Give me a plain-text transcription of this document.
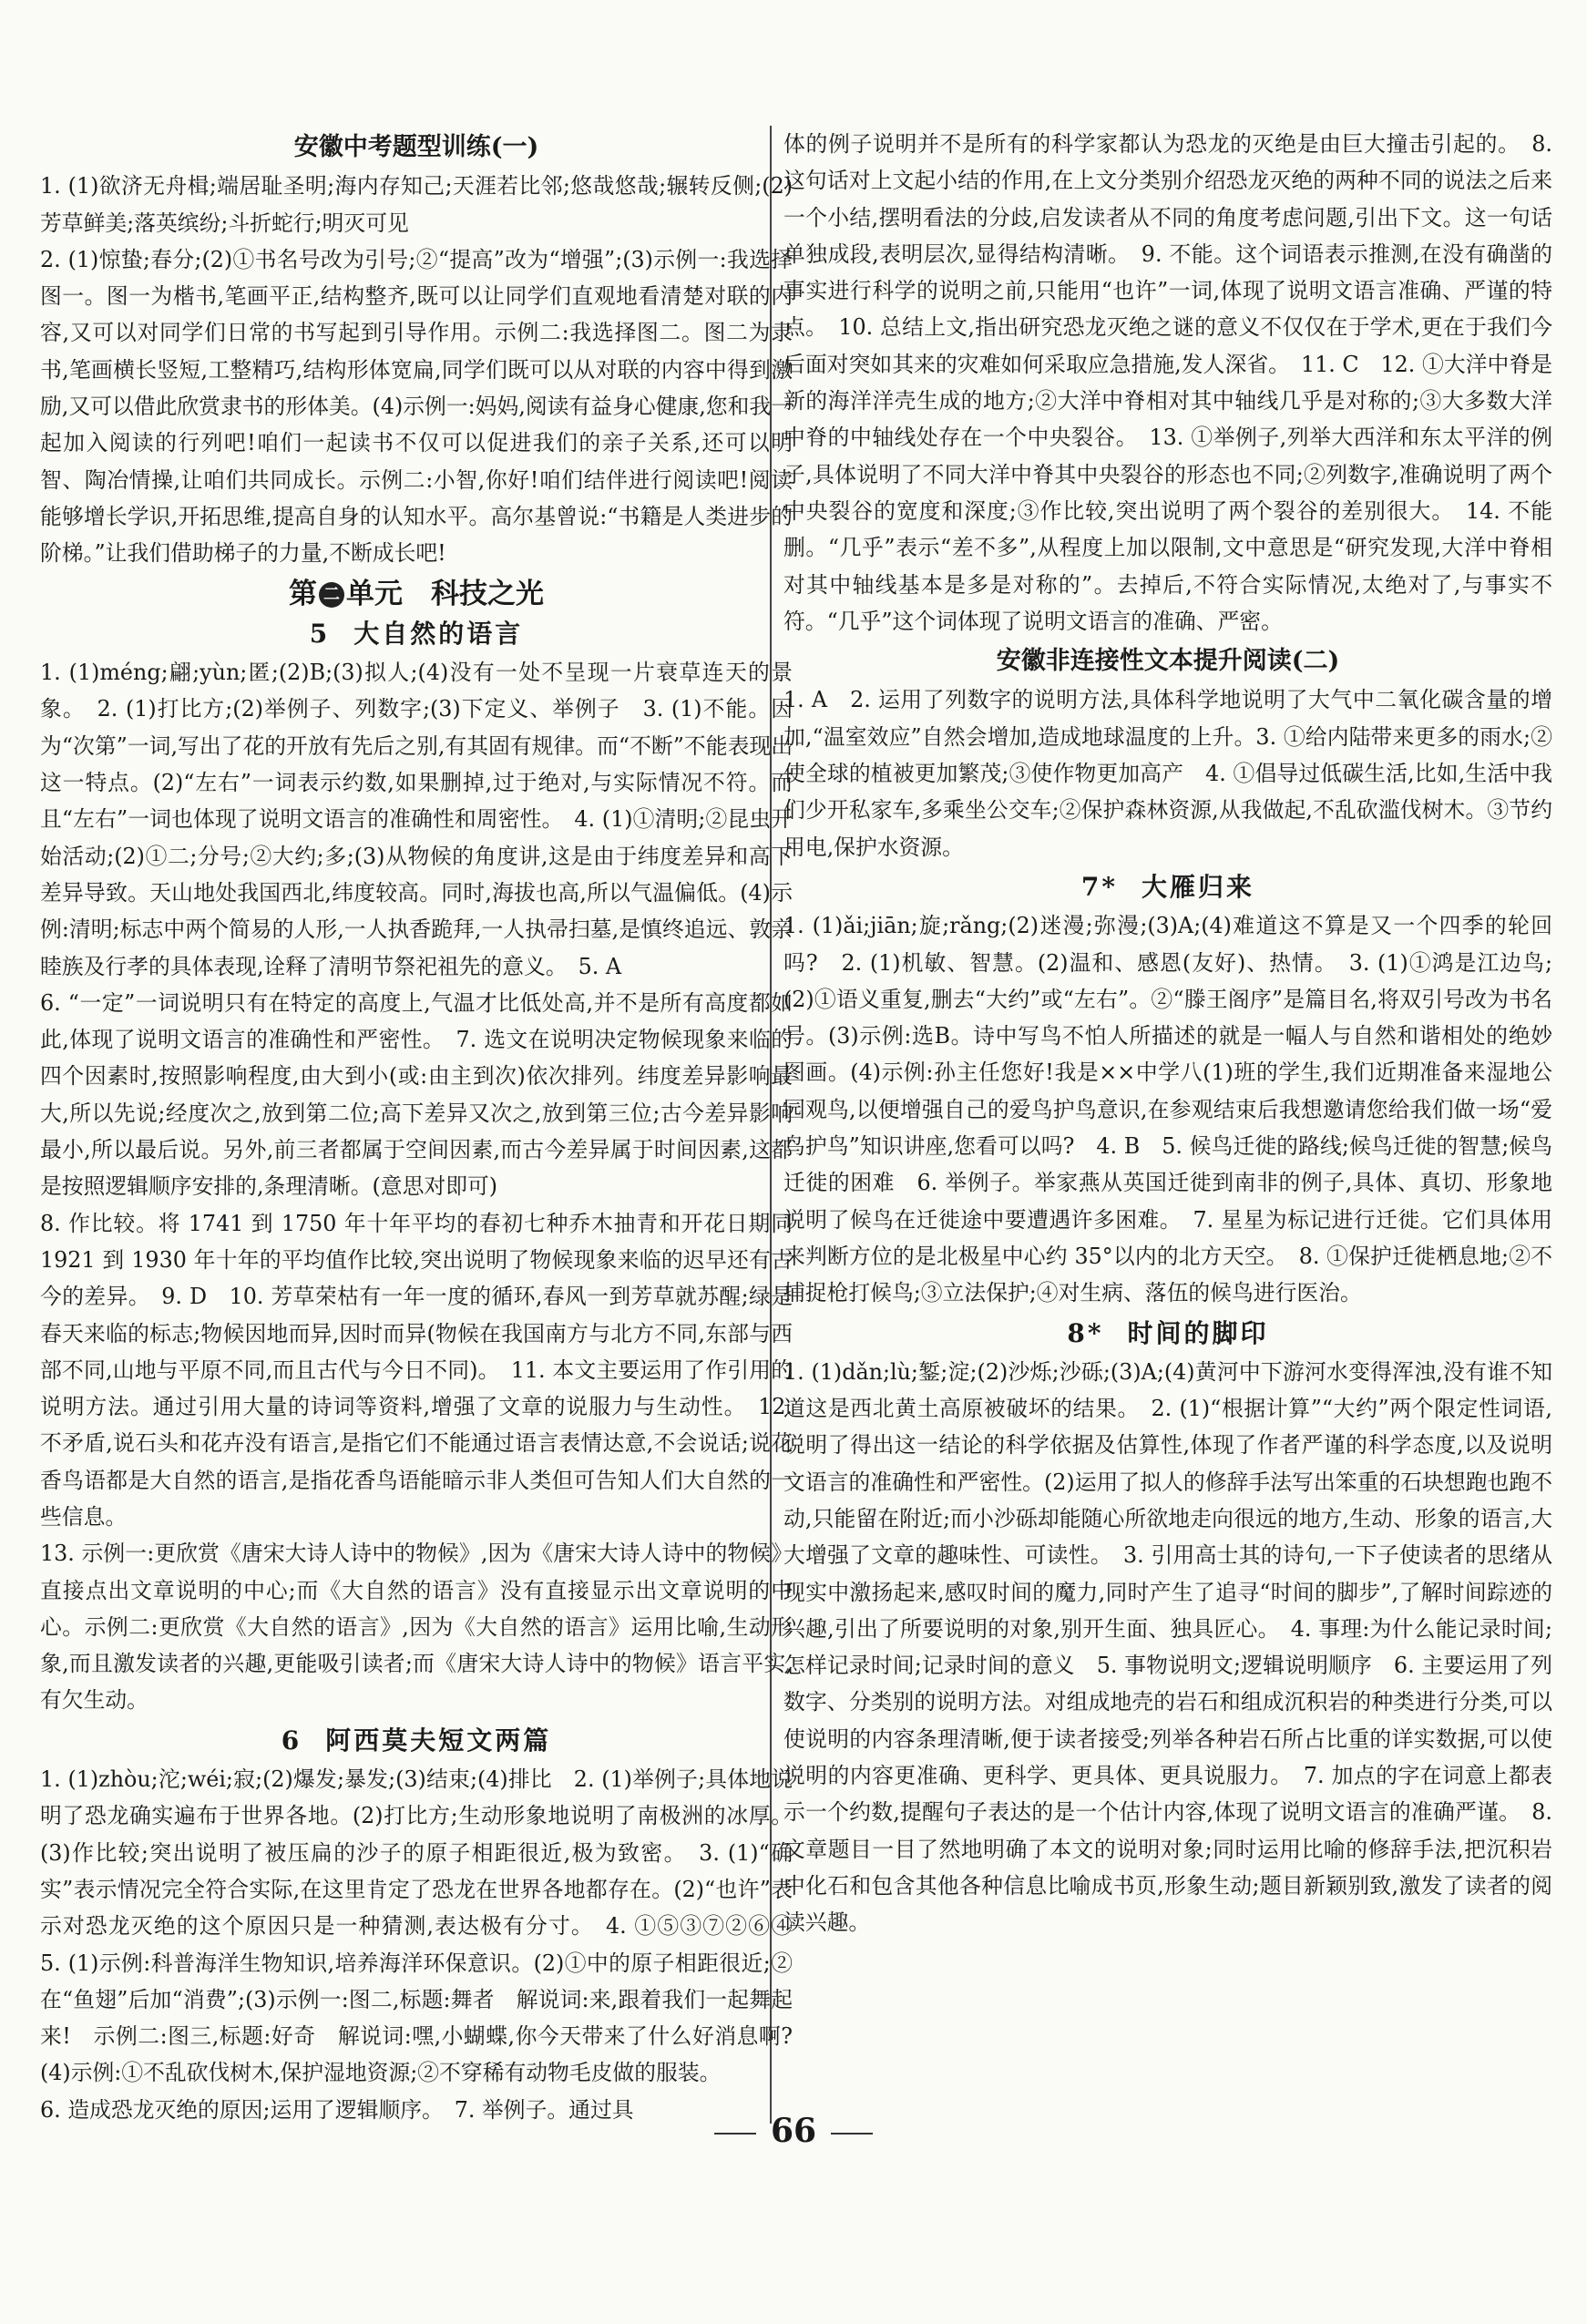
安徽中考题型训练(一)

1. (1)欲济无舟楫;端居耻圣明;海内存知己;天涯若比邻;悠哉悠哉;辗转反侧;(2)芳草鲜美;落英缤纷;斗折蛇行;明灭可见

2. (1)惊蛰;春分;(2)①书名号改为引号;②“提高”改为“增强”;(3)示例一:我选择图一。图一为楷书,笔画平正,结构整齐,既可以让同学们直观地看清楚对联的内容,又可以对同学们日常的书写起到引导作用。示例二:我选择图二。图二为隶书,笔画横长竖短,工整精巧,结构形体宽扁,同学们既可以从对联的内容中得到激励,又可以借此欣赏隶书的形体美。(4)示例一:妈妈,阅读有益身心健康,您和我一起加入阅读的行列吧!咱们一起读书不仅可以促进我们的亲子关系,还可以明智、陶冶情操,让咱们共同成长。示例二:小智,你好!咱们结伴进行阅读吧!阅读能够增长学识,开拓思维,提高自身的认知水平。高尔基曾说:“书籍是人类进步的阶梯。”让我们借助梯子的力量,不断成长吧!

第 二 单元　科技之光
5 大自然的语言

1. (1)méng;翩;yùn;匿;(2)B;(3)拟人;(4)没有一处不呈现一片衰草连天的景象。　2. (1)打比方;(2)举例子、列数字;(3)下定义、举例子　3. (1)不能。因为“次第”一词,写出了花的开放有先后之别,有其固有规律。而“不断”不能表现出这一特点。(2)“左右”一词表示约数,如果删掉,过于绝对,与实际情况不符。而且“左右”一词也体现了说明文语言的准确性和周密性。　4. (1)①清明;②昆虫开始活动;(2)①二;分号;②大约;多;(3)从物候的角度讲,这是由于纬度差异和高下差异导致。天山地处我国西北,纬度较高。同时,海拔也高,所以气温偏低。(4)示例:清明;标志中两个简易的人形,一人执香跪拜,一人执帚扫墓,是慎终追远、敦亲睦族及行孝的具体表现,诠释了清明节祭祀祖先的意义。　5. A

6. “一定”一词说明只有在特定的高度上,气温才比低处高,并不是所有高度都如此,体现了说明文语言的准确性和严密性。　7. 选文在说明决定物候现象来临的四个因素时,按照影响程度,由大到小(或:由主到次)依次排列。纬度差异影响最大,所以先说;经度次之,放到第二位;高下差异又次之,放到第三位;古今差异影响最小,所以最后说。另外,前三者都属于空间因素,而古今差异属于时间因素,这都是按照逻辑顺序安排的,条理清晰。(意思对即可)

8. 作比较。将 1741 到 1750 年十年平均的春初七种乔木抽青和开花日期同 1921 到 1930 年十年的平均值作比较,突出说明了物候现象来临的迟早还有古今的差异。　9. D　10. 芳草荣枯有一年一度的循环,春风一到芳草就苏醒;绿是春天来临的标志;物候因地而异,因时而异(物候在我国南方与北方不同,东部与西部不同,山地与平原不同,而且古代与今日不同)。　11. 本文主要运用了作引用的说明方法。通过引用大量的诗词等资料,增强了文章的说服力与生动性。　12. 不矛盾,说石头和花卉没有语言,是指它们不能通过语言表情达意,不会说话;说花香鸟语都是大自然的语言,是指花香鸟语能暗示非人类但可告知人们大自然的一些信息。

13. 示例一:更欣赏《唐宋大诗人诗中的物候》,因为《唐宋大诗人诗中的物候》直接点出文章说明的中心;而《大自然的语言》没有直接显示出文章说明的中心。示例二:更欣赏《大自然的语言》,因为《大自然的语言》运用比喻,生动形象,而且激发读者的兴趣,更能吸引读者;而《唐宋大诗人诗中的物候》语言平实,有欠生动。

6 阿西莫夫短文两篇

1. (1)zhòu;沱;wéi;寂;(2)爆发;暴发;(3)结束;(4)排比　2. (1)举例子;具体地说明了恐龙确实遍布于世界各地。(2)打比方;生动形象地说明了南极洲的冰厚。(3)作比较;突出说明了被压扁的沙子的原子相距很近,极为致密。　3. (1)“确实”表示情况完全符合实际,在这里肯定了恐龙在世界各地都存在。(2)“也许”表示对恐龙灭绝的这个原因只是一种猜测,表达极有分寸。　4. ①⑤③⑦②⑥④　5. (1)示例:科普海洋生物知识,培养海洋环保意识。(2)①中的原子相距很近;②在“鱼翅”后加“消费”;(3)示例一:图二,标题:舞者　解说词:来,跟着我们一起舞起来!　示例二:图三,标题:好奇　解说词:嘿,小蝴蝶,你今天带来了什么好消息啊?(4)示例:①不乱砍伐树木,保护湿地资源;②不穿稀有动物毛皮做的服装。

6. 造成恐龙灭绝的原因;运用了逻辑顺序。　7. 举例子。通过具

体的例子说明并不是所有的科学家都认为恐龙的灭绝是由巨大撞击引起的。　8. 这句话对上文起小结的作用,在上文分类别介绍恐龙灭绝的两种不同的说法之后来一个小结,摆明看法的分歧,启发读者从不同的角度考虑问题,引出下文。这一句话单独成段,表明层次,显得结构清晰。　9. 不能。这个词语表示推测,在没有确凿的事实进行科学的说明之前,只能用“也许”一词,体现了说明文语言准确、严谨的特点。　10. 总结上文,指出研究恐龙灭绝之谜的意义不仅仅在于学术,更在于我们今后面对突如其来的灾难如何采取应急措施,发人深省。　11. C　12. ①大洋中脊是新的海洋洋壳生成的地方;②大洋中脊相对其中轴线几乎是对称的;③大多数大洋中脊的中轴线处存在一个中央裂谷。　13. ①举例子,列举大西洋和东太平洋的例子,具体说明了不同大洋中脊其中央裂谷的形态也不同;②列数字,准确说明了两个中央裂谷的宽度和深度;③作比较,突出说明了两个裂谷的差别很大。　14. 不能删。“几乎”表示“差不多”,从程度上加以限制,文中意思是“研究发现,大洋中脊相对其中轴线基本是多是对称的”。去掉后,不符合实际情况,太绝对了,与事实不符。“几乎”这个词体现了说明文语言的准确、严密。

安徽非连接性文本提升阅读(二)

1. A　2. 运用了列数字的说明方法,具体科学地说明了大气中二氧化碳含量的增加,“温室效应”自然会增加,造成地球温度的上升。3. ①给内陆带来更多的雨水;②使全球的植被更加繁茂;③使作物更加高产　4. ①倡导过低碳生活,比如,生活中我们少开私家车,多乘坐公交车;②保护森林资源,从我做起,不乱砍滥伐树木。③节约用电,保护水资源。

7* 大雁归来

1. (1)ǎi;jiān;旋;rǎng;(2)迷漫;弥漫;(3)A;(4)难道这不算是又一个四季的轮回吗?　2. (1)机敏、智慧。(2)温和、感恩(友好)、热情。　3. (1)①鸿是江边鸟;(2)①语义重复,删去“大约”或“左右”。②“滕王阁序”是篇目名,将双引号改为书名号。(3)示例:选B。诗中写鸟不怕人所描述的就是一幅人与自然和谐相处的绝妙图画。(4)示例:孙主任您好!我是××中学八(1)班的学生,我们近期准备来湿地公园观鸟,以便增强自己的爱鸟护鸟意识,在参观结束后我想邀请您给我们做一场“爱鸟护鸟”知识讲座,您看可以吗?　4. B　5. 候鸟迁徙的路线;候鸟迁徙的智慧;候鸟迁徙的困难　6. 举例子。举家燕从英国迁徙到南非的例子,具体、真切、形象地说明了候鸟在迁徙途中要遭遇许多困难。　7. 星星为标记进行迁徙。它们具体用来判断方位的是北极星中心约 35°以内的北方天空。　8. ①保护迁徙栖息地;②不捕捉枪打候鸟;③立法保护;④对生病、落伍的候鸟进行医治。

8* 时间的脚印

1. (1)dǎn;lù;錾;淀;(2)沙烁;沙砾;(3)A;(4)黄河中下游河水变得浑浊,没有谁不知道这是西北黄土高原被破坏的结果。　2. (1)“根据计算”“大约”两个限定性词语,说明了得出这一结论的科学依据及估算性,体现了作者严谨的科学态度,以及说明文语言的准确性和严密性。(2)运用了拟人的修辞手法写出笨重的石块想跑也跑不动,只能留在附近;而小沙砾却能随心所欲地走向很远的地方,生动、形象的语言,大大增强了文章的趣味性、可读性。　3. 引用高士其的诗句,一下子使读者的思绪从现实中激扬起来,感叹时间的魔力,同时产生了追寻“时间的脚步”,了解时间踪迹的兴趣,引出了所要说明的对象,别开生面、独具匠心。　4. 事理:为什么能记录时间;怎样记录时间;记录时间的意义　5. 事物说明文;逻辑说明顺序　6. 主要运用了列数字、分类别的说明方法。对组成地壳的岩石和组成沉积岩的种类进行分类,可以使说明的内容条理清晰,便于读者接受;列举各种岩石所占比重的详实数据,可以使说明的内容更准确、更科学、更具体、更具说服力。　7. 加点的字在词意上都表示一个约数,提醒句子表达的是一个估计内容,体现了说明文语言的准确严谨。　8. 文章题目一目了然地明确了本文的说明对象;同时运用比喻的修辞手法,把沉积岩中化石和包含其他各种信息比喻成书页,形象生动;题目新颖别致,激发了读者的阅读兴趣。

66
